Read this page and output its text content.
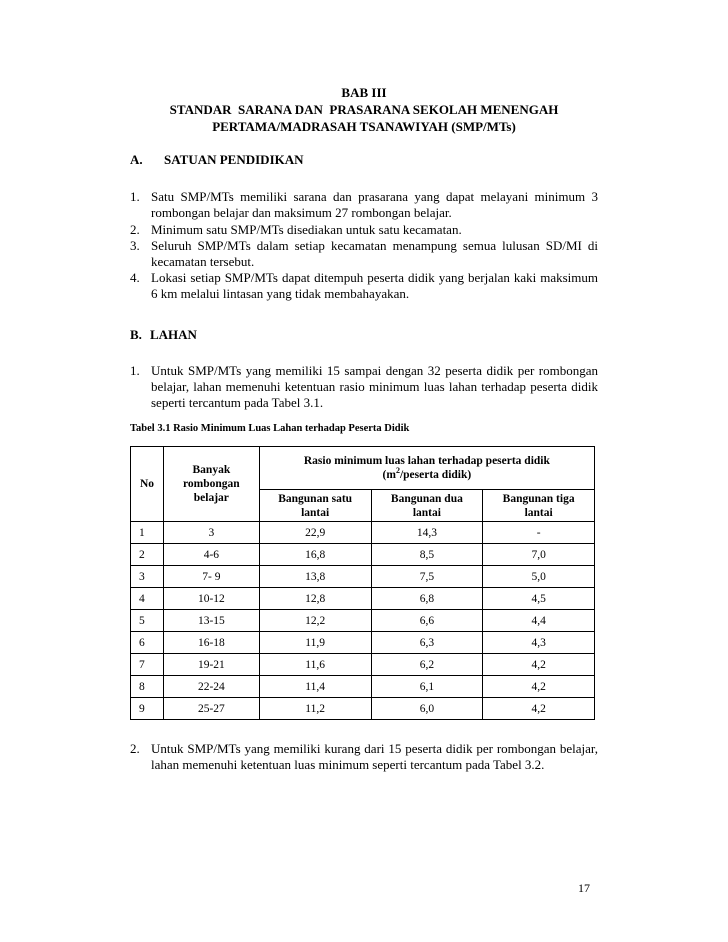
BAB III
STANDAR  SARANA DAN  PRASARANA SEKOLAH MENENGAH
PERTAMA/MADRASAH TSANAWIYAH (SMP/MTs)
A. SATUAN PENDIDIKAN
1. Satu SMP/MTs memiliki sarana dan prasarana yang dapat melayani minimum 3 rombongan belajar dan maksimum 27 rombongan belajar.
2. Minimum satu SMP/MTs disediakan untuk satu kecamatan.
3. Seluruh SMP/MTs dalam setiap kecamatan menampung semua lulusan SD/MI di kecamatan tersebut.
4. Lokasi setiap SMP/MTs dapat ditempuh peserta didik yang berjalan kaki maksimum 6 km melalui lintasan yang tidak membahayakan.
B. LAHAN
1. Untuk SMP/MTs yang memiliki 15 sampai dengan 32 peserta didik per rombongan belajar, lahan memenuhi ketentuan rasio minimum luas lahan terhadap peserta didik seperti tercantum pada Tabel 3.1.
Tabel 3.1 Rasio Minimum Luas Lahan terhadap Peserta Didik
No	Banyak rombongan belajar	Rasio minimum luas lahan terhadap peserta didik
($m^2$/peserta didik)		

		Bangunan satu lantai	Bangunan dua lantai	Bangunan tiga lantai
1	3	22,9	14,3	-
2	4-6	16,8	8,5	7,0
3	7- 9	13,8	7,5	5,0
4	10-12	12,8	6,8	4,5
5	13-15	12,2	6,6	4,4
6	16-18	11,9	6,3	4,3
7	19-21	11,6	6,2	4,2
8	22-24	11,4	6,1	4,2
9	25-27	11,2	6,0	4,2
2. Untuk SMP/MTs yang memiliki kurang dari 15 peserta didik per rombongan belajar, lahan memenuhi ketentuan luas minimum seperti tercantum pada Tabel 3.2.
17
